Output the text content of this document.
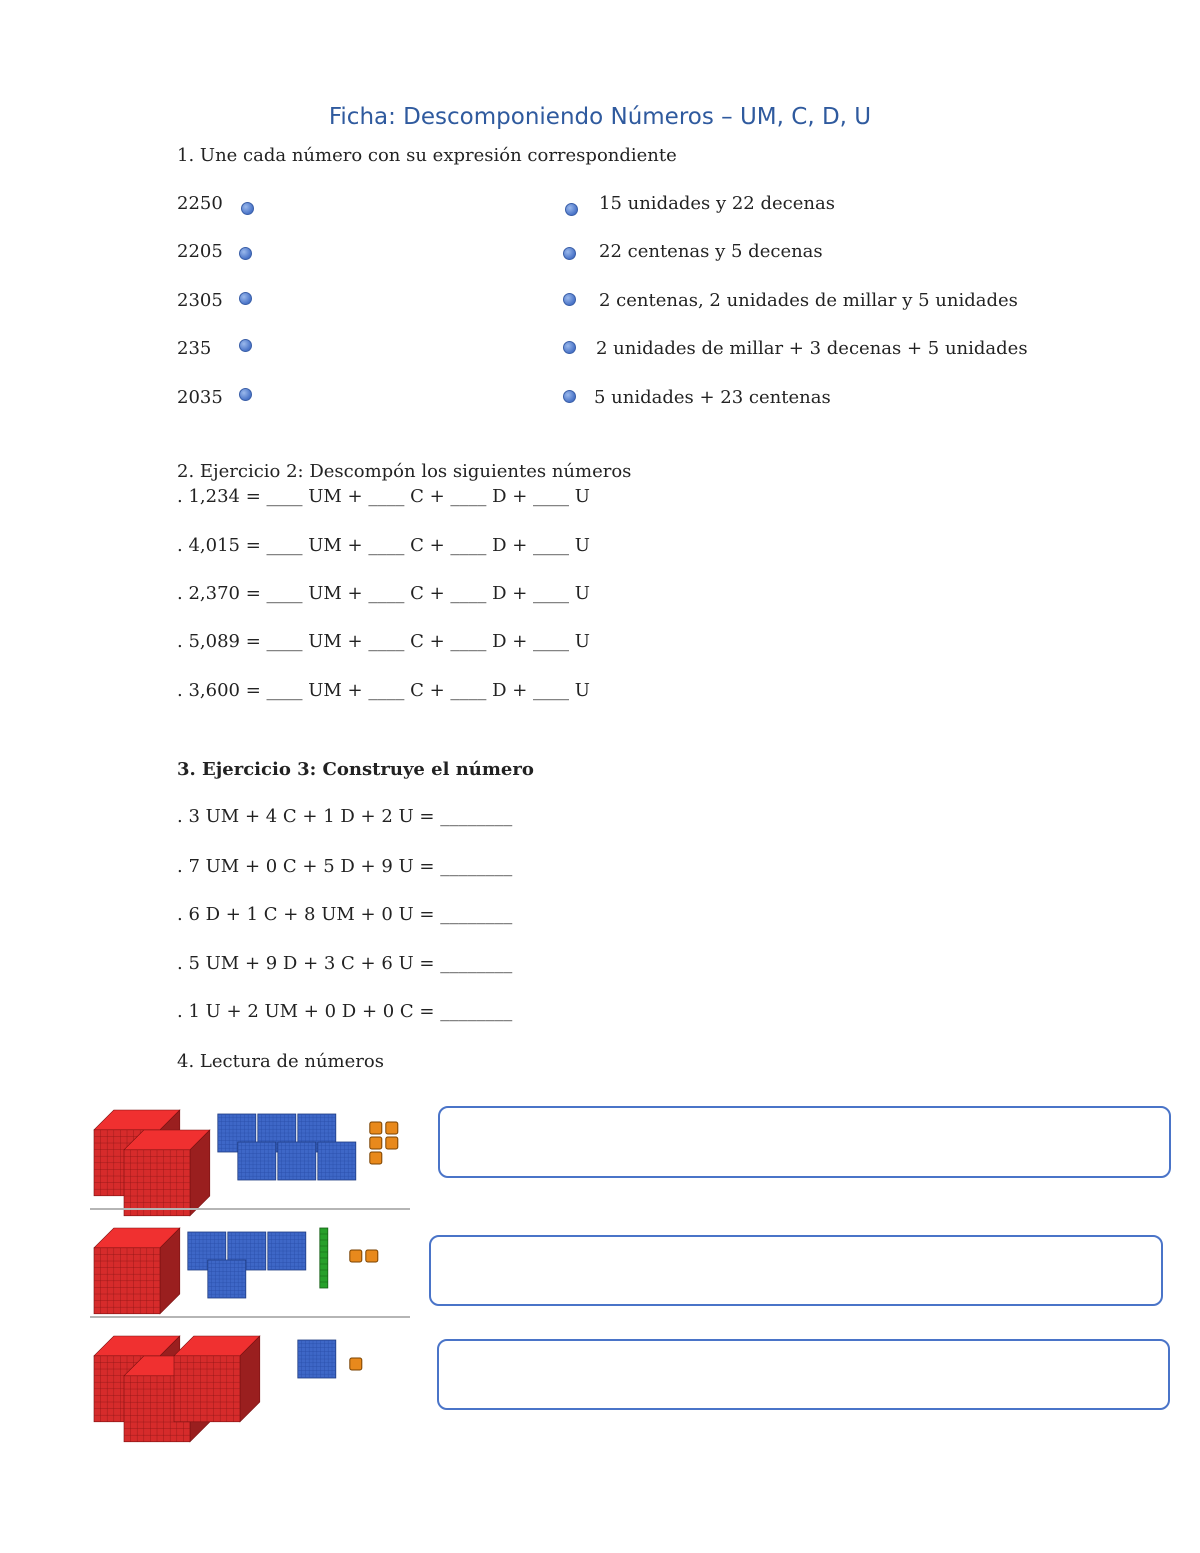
Ficha: Descomponiendo Números – UM, C, D, U
1. Une cada número con su expresión correspondiente
2250
2205
2305
235
2035
15 unidades y 22 decenas
22 centenas y 5 decenas
2 centenas, 2 unidades de millar y 5 unidades
2 unidades de millar + 3 decenas + 5 unidades
5 unidades + 23 centenas
2. Ejercicio 2: Descompón los siguientes números
. 1,234 = ____ UM + ____ C + ____ D + ____ U
. 4,015 = ____ UM + ____ C + ____ D + ____ U
. 2,370 = ____ UM + ____ C + ____ D + ____ U
. 5,089 = ____ UM + ____ C + ____ D + ____ U
. 3,600 = ____ UM + ____ C + ____ D + ____ U
3. Ejercicio 3: Construye el número
. 3 UM + 4 C + 1 D + 2 U = ________
. 7 UM + 0 C + 5 D + 9 U = ________
. 6 D + 1 C + 8 UM + 0 U = ________
. 5 UM + 9 D + 3 C + 6 U = ________
. 1 U + 2 UM + 0 D + 0 C = ________
4. Lectura de números
